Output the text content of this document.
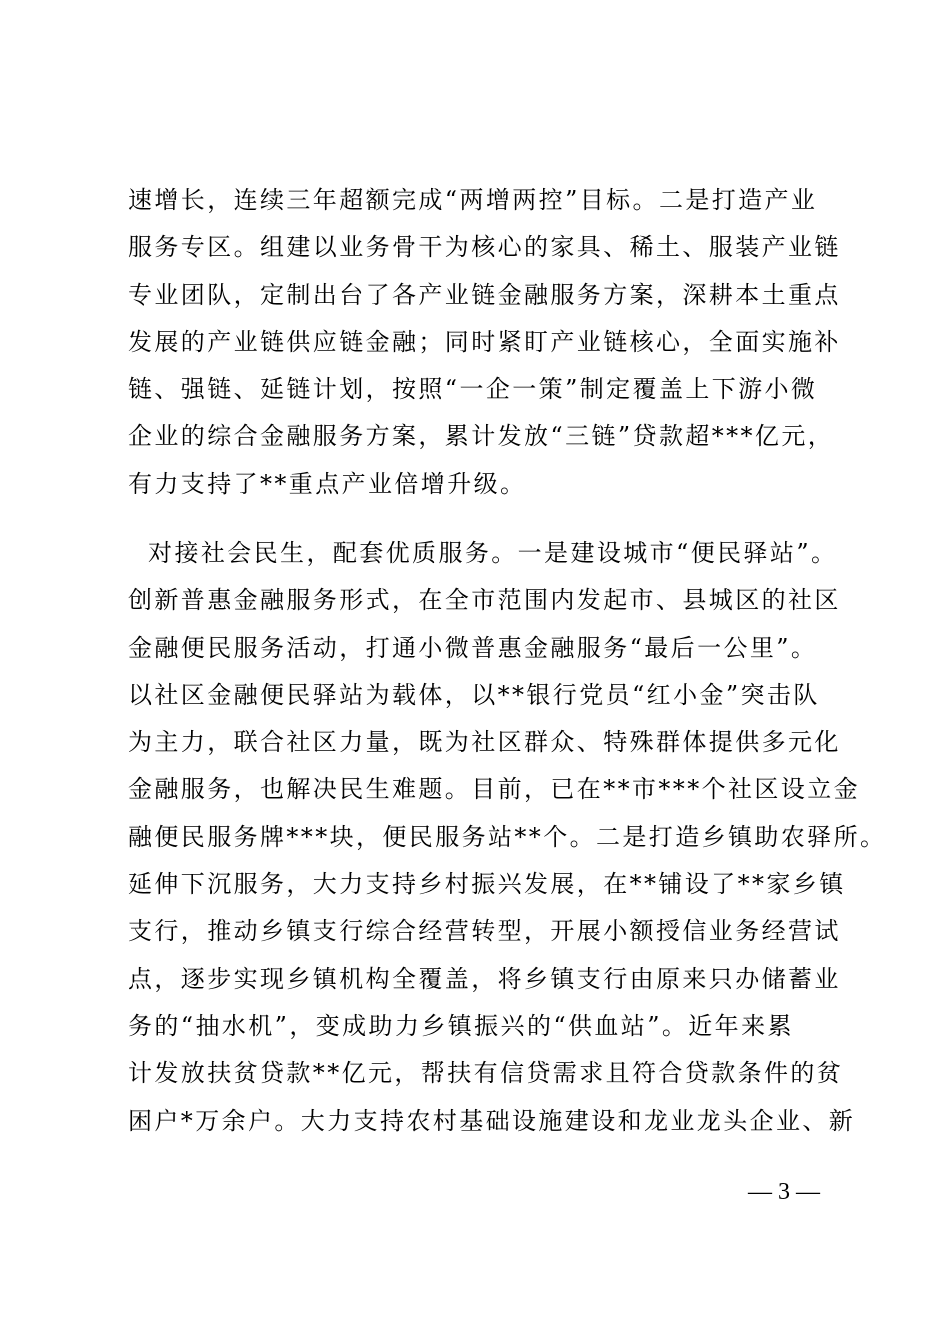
速增长，连续三年超额完成“两增两控”目标。二是打造产业
服务专区。组建以业务骨干为核心的家具、稀土、服装产业链
专业团队，定制出台了各产业链金融服务方案，深耕本土重点
发展的产业链供应链金融；同时紧盯产业链核心，全面实施补
链、强链、延链计划，按照“一企一策”制定覆盖上下游小微
企业的综合金融服务方案，累计发放“三链”贷款超***亿元，
有力支持了**重点产业倍增升级。
对接社会民生，配套优质服务。一是建设城市“便民驿站”。
创新普惠金融服务形式，在全市范围内发起市、县城区的社区
金融便民服务活动，打通小微普惠金融服务“最后一公里”。
以社区金融便民驿站为载体，以**银行党员“红小金”突击队
为主力，联合社区力量，既为社区群众、特殊群体提供多元化
金融服务，也解决民生难题。目前，已在**市***个社区设立金
融便民服务牌***块，便民服务站**个。二是打造乡镇助农驿所。
延伸下沉服务，大力支持乡村振兴发展，在**铺设了**家乡镇
支行，推动乡镇支行综合经营转型，开展小额授信业务经营试
点，逐步实现乡镇机构全覆盖，将乡镇支行由原来只办储蓄业
务的“抽水机”，变成助力乡镇振兴的“供血站”。近年来累
计发放扶贫贷款**亿元，帮扶有信贷需求且符合贷款条件的贫
困户*万余户。大力支持农村基础设施建设和龙业龙头企业、新
— 3 —
